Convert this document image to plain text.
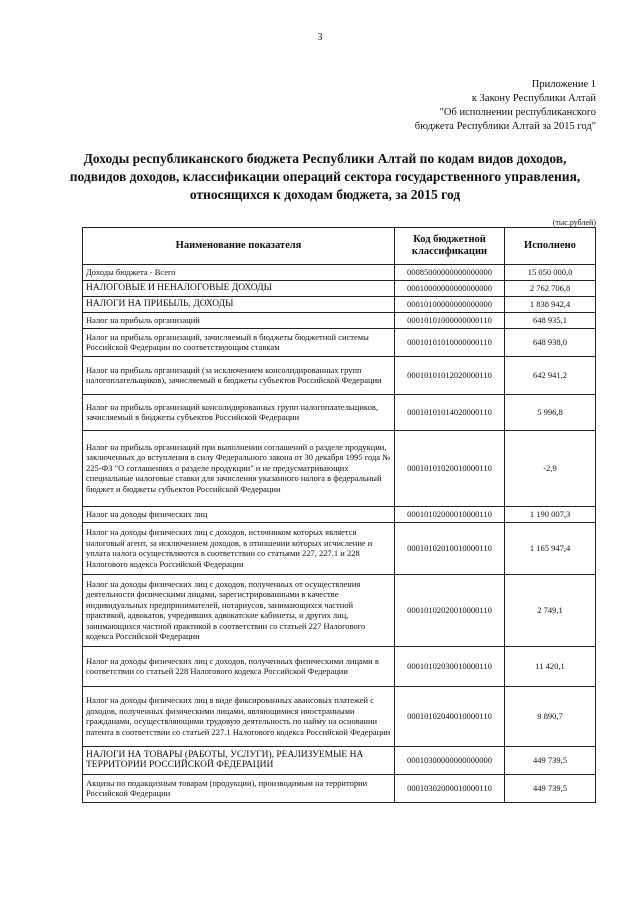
3
Приложение 1
к Закону Республики Алтай
"Об исполнении республиканского
бюджета Республики Алтай за 2015 год"
Доходы республиканского бюджета Республики Алтай по кодам видов доходов, подвидов доходов, классификации операций сектора государственного управления, относящихся к доходам бюджета, за 2015 год
(тыс.рублей)
Наименование показателя	Код бюджетной классификации	Исполнено
Доходы бюджета - Всего	00085000000000000000	15 050 000,0
НАЛОГОВЫЕ И НЕНАЛОГОВЫЕ ДОХОДЫ	00010000000000000000	2 762 706,8
НАЛОГИ НА ПРИБЫЛЬ, ДОХОДЫ	00010100000000000000	1 838 942,4
Налог на прибыль организаций	00010101000000000110	648 935,1
Налог на прибыль организаций, зачисляемый в бюджеты бюджетной системы Российской Федерации по соответствующим ставкам	00010101010000000110	648 938,0
Налог на прибыль организаций (за исключением консолидированных групп налогоплательщиков), зачисляемый в бюджеты субъектов Российской Федерации	00010101012020000110	642 941,2
Налог на прибыль организаций консолидированных групп налогоплательщиков, зачисляемый в бюджеты субъектов Российской Федерации	00010101014020000110	5 996,8
Налог на прибыль организаций при выполнении соглашений о разделе продукции, заключенных до вступления в силу Федерального закона от 30 декабря 1995 года № 225-ФЗ "О соглашениях о разделе продукции" и не предусматривающих специальные налоговые ставки для зачисления указанного налога в федеральный бюджет и бюджеты субъектов Российской Федерации	00010101020010000110	-2,9
Налог на доходы физических лиц	00010102000010000110	1 190 007,3
Налог на доходы физических лиц с доходов, источником которых является налоговый агент, за исключением доходов, в отношении которых исчисление и уплата налога осуществляются в соответствии со статьями 227, 227.1 и 228 Налогового кодекса Российской Федерации	00010102010010000110	1 165 947,4
Налог на доходы физических лиц с доходов, полученных от осуществления деятельности физическими лицами, зарегистрированными в качестве индивидуальных предпринимателей, нотариусов, занимающихся частной практикой, адвокатов, учредивших адвокатские кабинеты, и других лиц, занимающихся частной практикой в соответствии со статьей 227 Налогового кодекса Российской Федерации	00010102020010000110	2 749,1
Налог на доходы физических лиц с доходов, полученных физическими лицами в соответствии со статьей 228 Налогового кодекса Российской Федерации	00010102030010000110	11 420,1
Налог на доходы физических лиц в виде фиксированных авансовых платежей с доходов, полученных физическими лицами, являющимися иностранными гражданами, осуществляющими трудовую деятельность по найму на основании патента в соответствии со статьей 227.1 Налогового кодекса Российской Федерации	00010102040010000110	9 890,7
НАЛОГИ НА ТОВАРЫ (РАБОТЫ, УСЛУГИ), РЕАЛИЗУЕМЫЕ НА ТЕРРИТОРИИ РОССИЙСКОЙ ФЕДЕРАЦИИ	00010300000000000000	449 739,5
Акцизы по подакцизным товарам (продукции), производимым на территории Российской Федерации	00010302000010000110	449 739,5
